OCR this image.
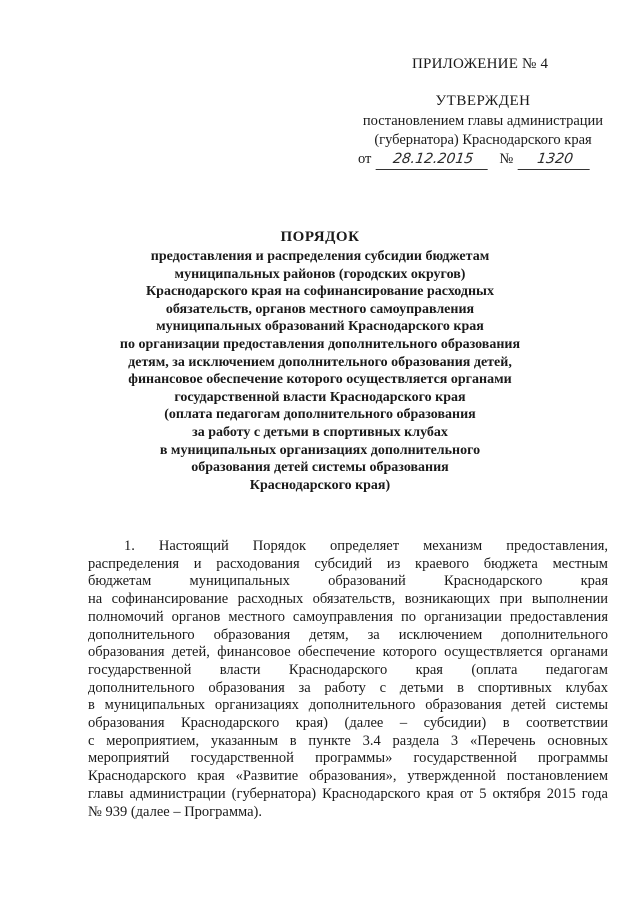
ПРИЛОЖЕНИЕ № 4
УТВЕРЖДЕН
постановлением главы администрации
(губернатора) Краснодарского края
от	28.12.2015	№	1320
ПОРЯДОК
предоставления и распределения субсидии бюджетам
муниципальных районов (городских округов)
Краснодарского края на софинансирование расходных
обязательств, органов местного самоуправления
муниципальных образований Краснодарского края
по организации предоставления дополнительного образования
детям, за исключением дополнительного образования детей,
финансовое обеспечение которого осуществляется органами
государственной власти Краснодарского края
(оплата педагогам дополнительного образования
за работу с детьми в спортивных клубах
в муниципальных организациях дополнительного
образования детей системы образования
Краснодарского края)
1. Настоящий Порядок определяет механизм предоставления,
распределения и расходования субсидий из краевого бюджета местным
бюджетам муниципальных образований Краснодарского края
на софинансирование расходных обязательств, возникающих при выполнении
полномочий органов местного самоуправления по организации предоставления
дополнительного образования детям, за исключением дополнительного
образования детей, финансовое обеспечение которого осуществляется органами
государственной власти Краснодарского края (оплата педагогам
дополнительного образования за работу с детьми в спортивных клубах
в муниципальных организациях дополнительного образования детей системы
образования Краснодарского края) (далее – субсидии) в соответствии
с мероприятием, указанным в пункте 3.4 раздела 3 «Перечень основных
мероприятий государственной программы» государственной программы
Краснодарского края «Развитие образования», утвержденной постановлением
главы администрации (губернатора) Краснодарского края от 5 октября 2015 года
№ 939 (далее – Программа).
